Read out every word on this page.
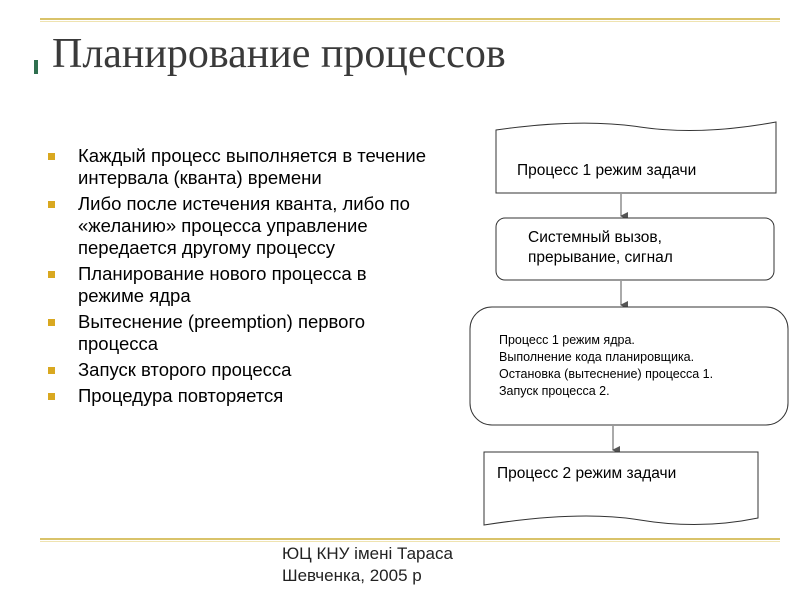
Планирование процессов
Каждый процесс выполняется в течение интервала (кванта) времени
Либо после истечения кванта, либо по «желанию» процесса управление передается другому процессу
Планирование нового процесса в режиме ядра
Вытеснение (preemption) первого процесса
Запуск второго процесса
Процедура повторяется
Процесс 1 режим задачи
Системный вызов,
прерывание, сигнал
Процесс 1 режим ядра.
Выполнение кода планировщика.
Остановка (вытеснение) процесса 1.
Запуск процесса 2.
Процесс 2 режим задачи
ЮЦ КНУ імені Тараса
Шевченка, 2005 р
